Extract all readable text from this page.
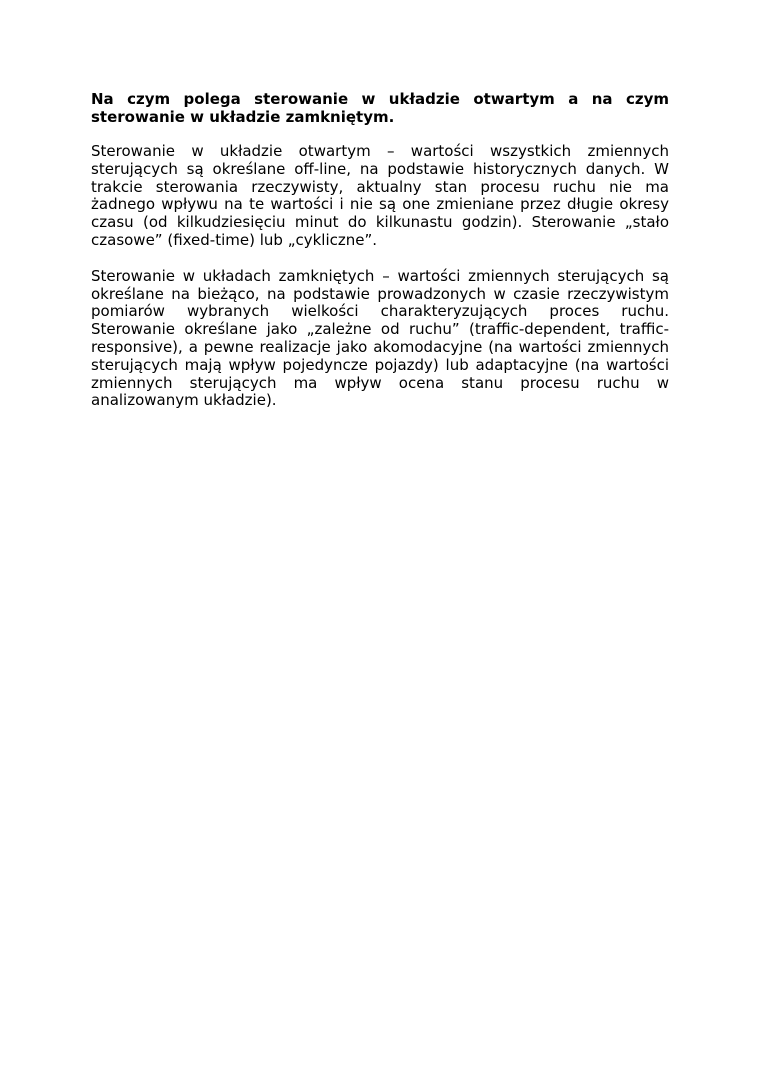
Na czym polega sterowanie w układzie otwartym a na czym sterowanie w układzie zamkniętym.

Sterowanie w układzie otwartym – wartości wszystkich zmiennych sterujących są określane off-line, na podstawie historycznych danych. W trakcie sterowania rzeczywisty, aktualny stan procesu ruchu nie ma żadnego wpływu na te wartości i nie są one zmieniane przez długie okresy czasu (od kilkudziesięciu minut do kilkunastu godzin). Sterowanie „stało czasowe” (fixed-time) lub „cykliczne”.

Sterowanie w układach zamkniętych – wartości zmiennych sterujących są określane na bieżąco, na podstawie prowadzonych w czasie rzeczywistym pomiarów wybranych wielkości charakteryzujących proces ruchu. Sterowanie określane jako „zależne od ruchu” (traffic-dependent, traffic-responsive), a pewne realizacje jako akomodacyjne (na wartości zmiennych sterujących mają wpływ pojedyncze pojazdy) lub adaptacyjne (na wartości zmiennych sterujących ma wpływ ocena stanu procesu ruchu w analizowanym układzie).
